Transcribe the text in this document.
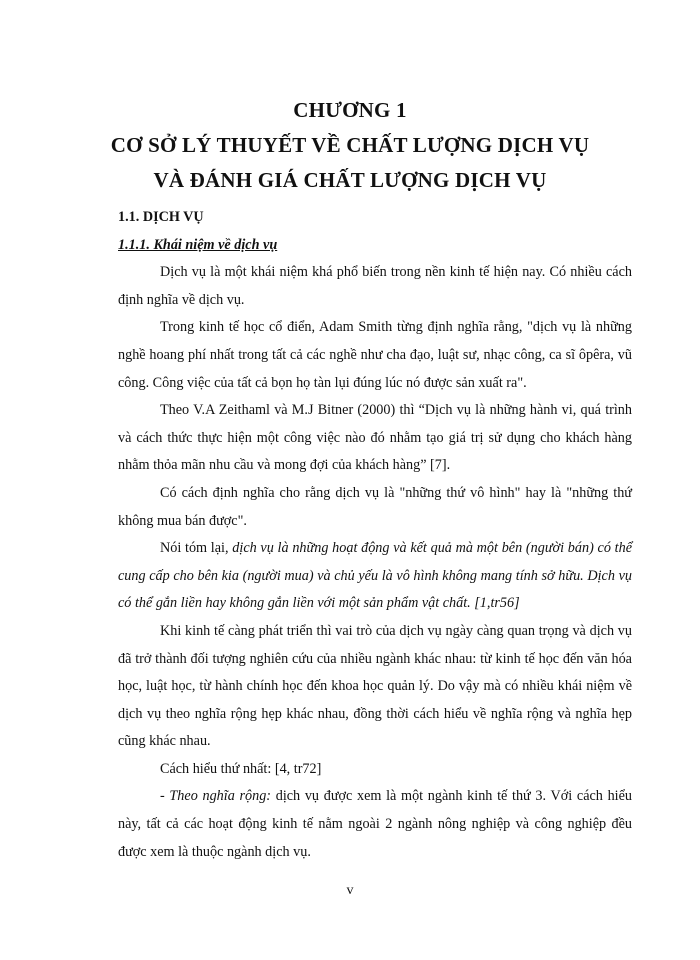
CHƯƠNG 1
CƠ SỞ LÝ THUYẾT VỀ CHẤT LƯỢNG DỊCH VỤ
VÀ ĐÁNH GIÁ CHẤT LƯỢNG DỊCH VỤ

1.1. DỊCH VỤ

1.1.1. Khái niệm về dịch vụ

Dịch vụ là một khái niệm khá phổ biến trong nền kinh tế hiện nay. Có nhiều cách định nghĩa về dịch vụ.

Trong kinh tế học cổ điển, Adam Smith từng định nghĩa rằng, "dịch vụ là những nghề hoang phí nhất trong tất cả các nghề như cha đạo, luật sư, nhạc công, ca sĩ ôpêra, vũ công. Công việc của tất cả bọn họ tàn lụi đúng lúc nó được sản xuất ra".

Theo V.A Zeithaml và M.J Bitner (2000) thì “Dịch vụ là những hành vi, quá trình và cách thức thực hiện một công việc nào đó nhằm tạo giá trị sử dụng cho khách hàng nhằm thỏa mãn nhu cầu và mong đợi của khách hàng” [7].

Có cách định nghĩa cho rằng dịch vụ là "những thứ vô hình" hay là "những thứ không mua bán được".

Nói tóm lại, dịch vụ là những hoạt động và kết quả mà một bên (người bán) có thể cung cấp cho bên kia (người mua) và chủ yếu là vô hình không mang tính sở hữu. Dịch vụ có thể gắn liền hay không gắn liền với một sản phẩm vật chất. [1,tr56]

Khi kinh tế càng phát triển thì vai trò của dịch vụ ngày càng quan trọng và dịch vụ đã trở thành đối tượng nghiên cứu của nhiều ngành khác nhau: từ kinh tế học đến văn hóa học, luật học, từ hành chính học đến khoa học quản lý. Do vậy mà có nhiều khái niệm về dịch vụ theo nghĩa rộng hẹp khác nhau, đồng thời cách hiểu về nghĩa rộng và nghĩa hẹp cũng khác nhau.

Cách hiểu thứ nhất: [4, tr72]

- Theo nghĩa rộng: dịch vụ được xem là một ngành kinh tế thứ 3. Với cách hiểu này, tất cả các hoạt động kinh tế nằm ngoài 2 ngành nông nghiệp và công nghiệp đều được xem là thuộc ngành dịch vụ.

v
